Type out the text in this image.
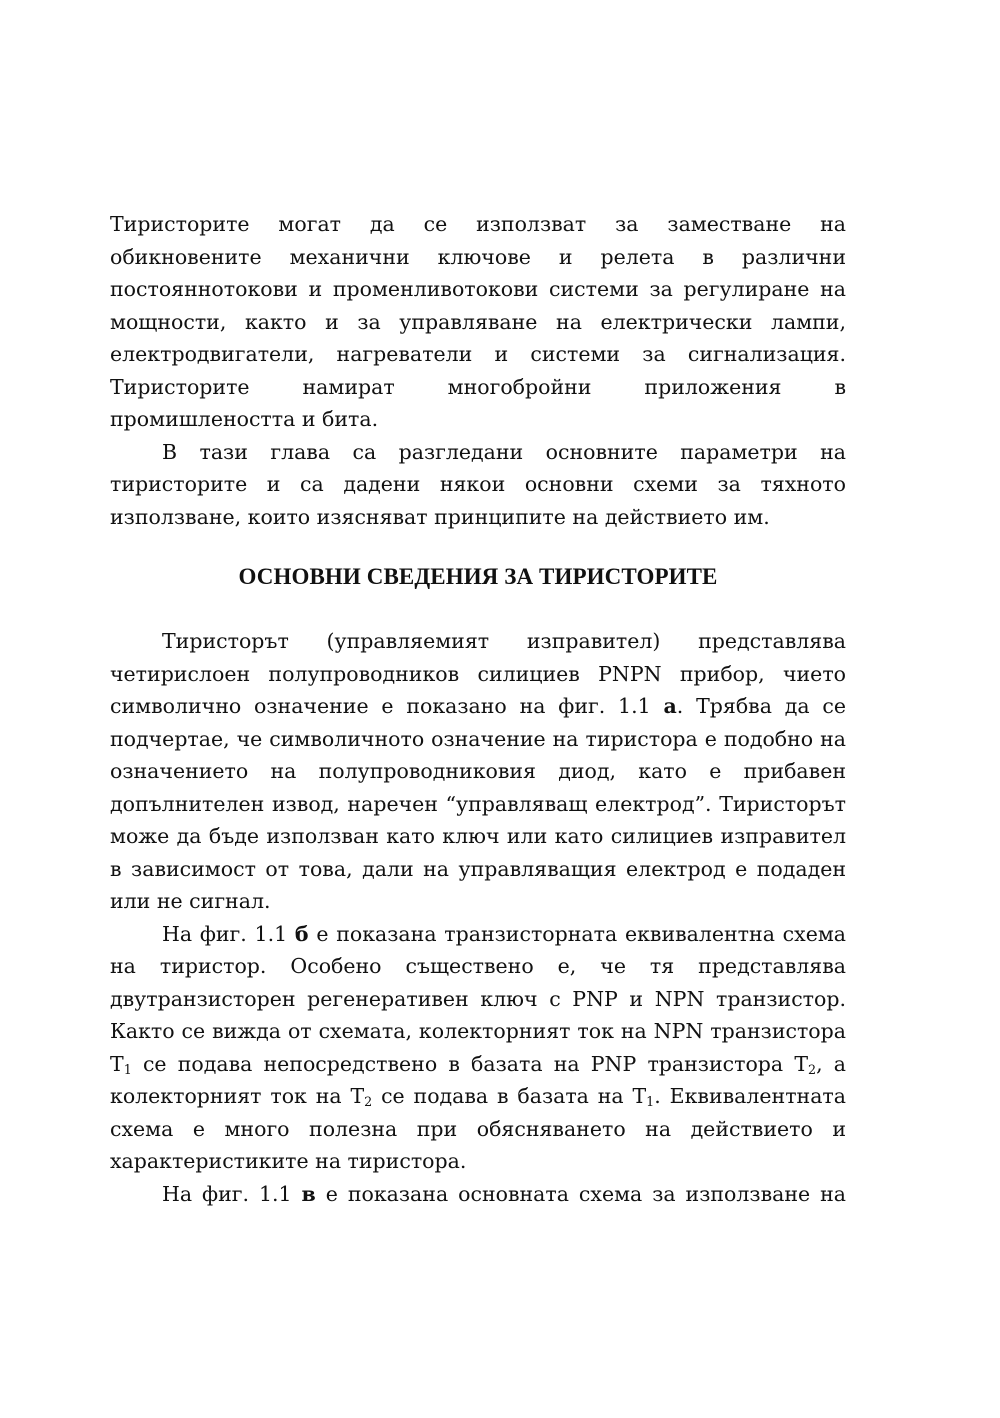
Тиристорите могат да се използват за заместване на обикновените механични ключове и релета в различни постояннотокови и променливотокови системи за регулиране на мощности, както и за управляване на електрически лампи, електродвигатели, нагреватели и системи за сигнализация. Тиристорите намират многобройни приложения в промишлеността и бита.

В тази глава са разгледани основните параметри на тиристорите и са дадени някои основни схеми за тяхното използване, които изясняват принципите на действието им.

ОСНОВНИ СВЕДЕНИЯ ЗА ТИРИСТОРИТЕ

Тиристорът (управляемият изправител) представлява четирислоен полупроводников силициев PNPN прибор, чието символично означение е показано на фиг. 1.1 а. Трябва да се подчертае, че символичното означение на тиристора е подобно на означението на полупроводниковия диод, като е прибавен допълнителен извод, наречен “управляващ електрод”. Тиристорът може да бъде използван като ключ или като силициев изправител в зависимост от това, дали на управляващия електрод е подаден или не сигнал.

На фиг. 1.1 б е показана транзисторната еквивалентна схема на тиристор. Особено съществено е, че тя представлява двутранзисторен регенеративен ключ с PNP и NPN транзистор. Както се вижда от схемата, колекторният ток на NPN транзистора $T_1$ се подава непосредствено в базата на PNP транзистора $T_2$, а колекторният ток на $T_2$ се подава в базата на $T_1$. Еквивалентната схема е много полезна при обясняването на действието и характеристиките на тиристора.

На фиг. 1.1 в е показана основната схема за използване на
